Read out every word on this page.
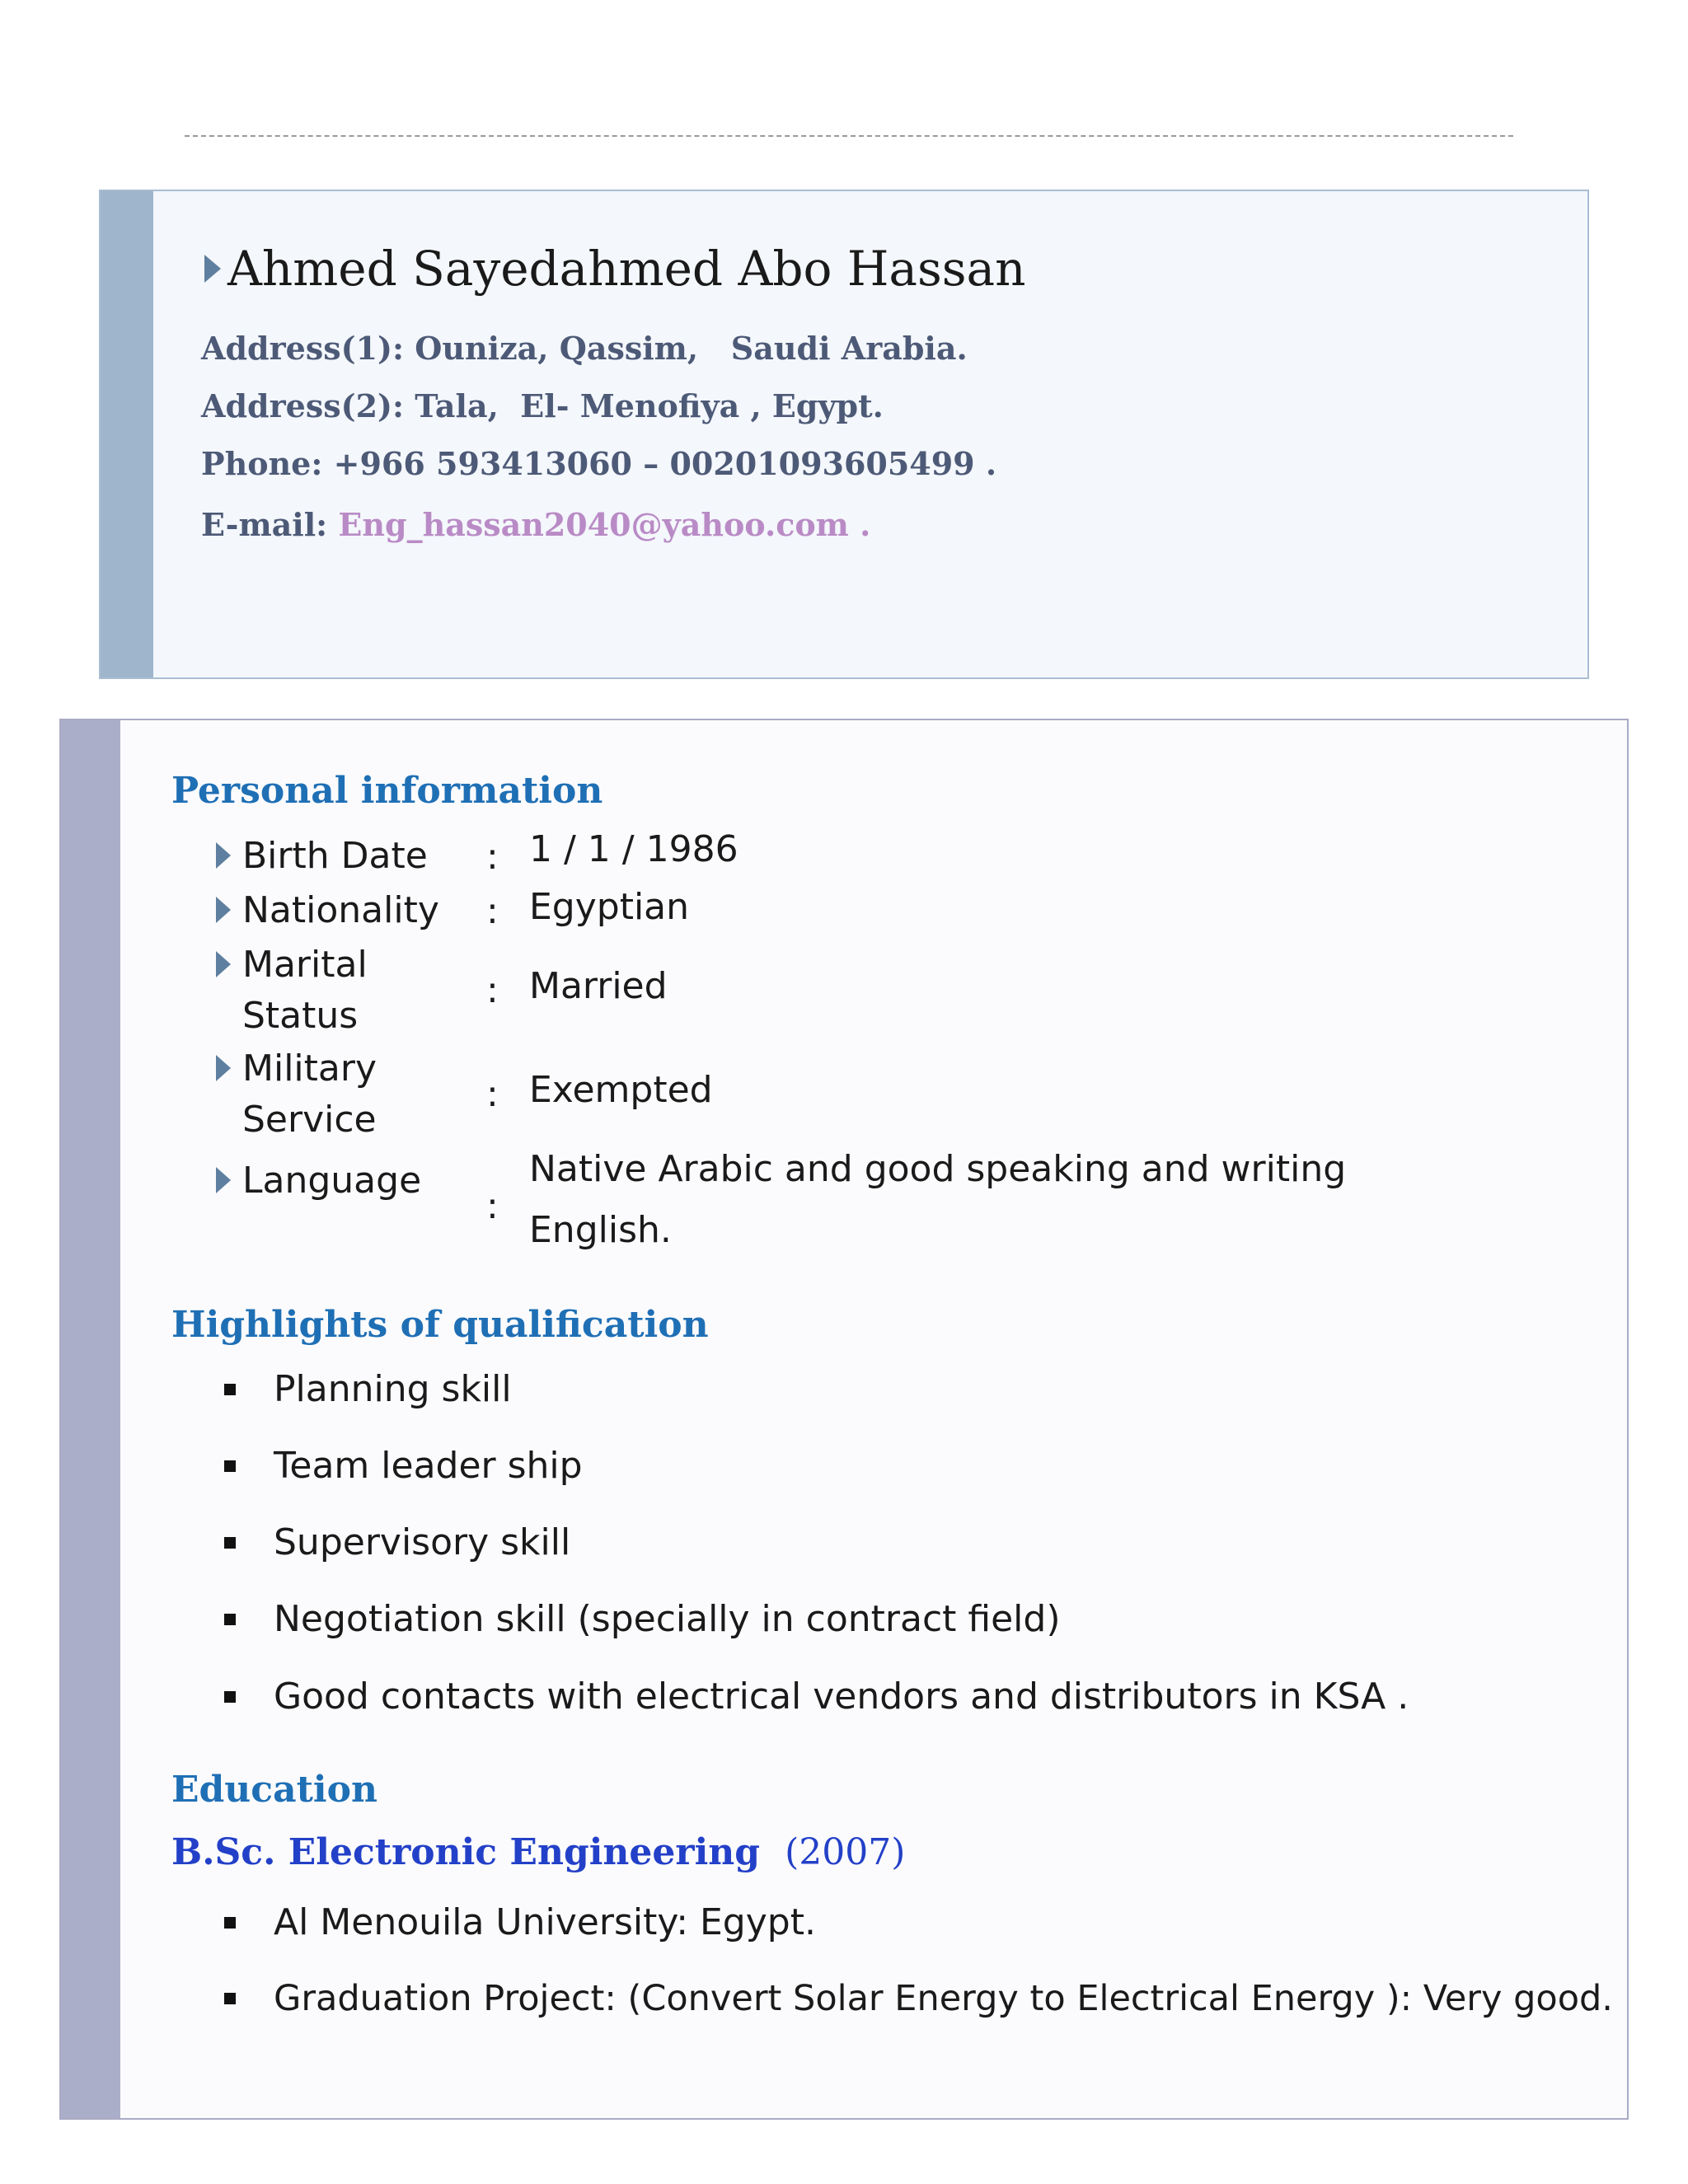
Ahmed Sayedahmed Abo Hassan
Address(1): Ouniza, Qassim,   Saudi Arabia.
Address(2): Tala,  El- Menofiya , Egypt.
Phone: +966 593413060 – 00201093605499 .
E-mail: Eng_hassan2040@yahoo.com .
Personal information
Birth Date	: 1 / 1 / 1986
Nationality	: Egyptian
Marital Status
: Married
Military Service
: Exempted
Language
:
Native Arabic and good speaking and writing English.
Highlights of qualification
Planning skill
Team leader ship
Supervisory skill
Negotiation skill (specially in contract field)
Good contacts with electrical vendors and distributors in KSA .
Education
B.Sc. Electronic Engineering (2007)
Al Menouila University: Egypt.
Graduation Project: (Convert Solar Energy to Electrical Energy ): Very good.
